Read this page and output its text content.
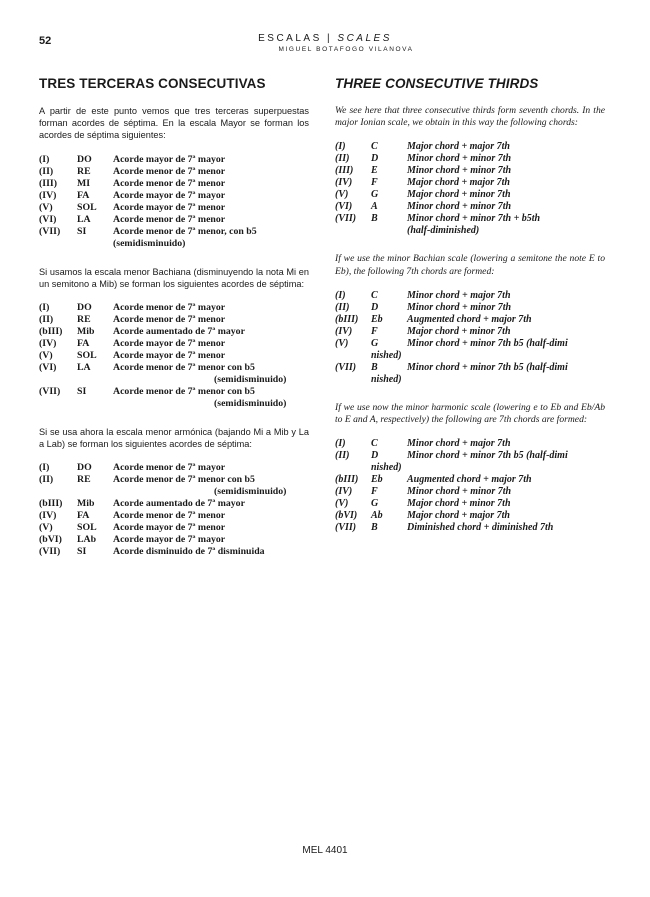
52	ESCALAS | SCALES
MIGUEL BOTAFOGO VILANOVA
TRES TERCERAS CONSECUTIVAS

A partir de este punto vemos que tres terceras superpuestas forman acordes de séptima. En la escala Mayor se forman los acordes de séptima siguientes:

(I)	DO	Acorde mayor de 7ª mayor
(II)	RE	Acorde menor de 7ª menor
(III)	MI	Acorde menor de 7ª menor
(IV)	FA	Acorde mayor de 7ª mayor
(V)	SOL	Acorde mayor de 7ª menor
(VI)	LA	Acorde menor de 7ª menor
(VII)	SI	Acorde menor de 7ª menor, con b5
(semidisminuido)

Si usamos la escala menor Bachiana (disminuyendo la nota Mi en un semitono a Mib) se forman los siguientes acordes de séptima:

(I)	DO	Acorde menor de 7ª mayor
(II)	RE	Acorde menor de 7ª menor
(bIII)	Mib	Acorde aumentado de 7ª mayor
(IV)	FA	Acorde mayor de 7ª menor
(V)	SOL	Acorde mayor de 7ª menor
(VI)	LA	Acorde menor de 7ª menor con b5
(semidisminuido)
(VII)	SI	Acorde menor de 7ª menor con b5
(semidisminuido)

Si se usa ahora la escala menor armónica (bajando Mi a Mib y La a Lab) se forman los siguientes acordes de séptima:

(I)	DO	Acorde menor de 7ª mayor
(II)	RE	Acorde menor de 7ª menor con b5
(semidisminuido)
(bIII)	Mib	Acorde aumentado de 7ª mayor
(IV)	FA	Acorde menor de 7ª menor
(V)	SOL	Acorde mayor de 7ª menor
(bVI)	LAb	Acorde mayor de 7ª mayor
(VII)	SI	Acorde disminuido de 7ª disminuida
THREE CONSECUTIVE THIRDS

We see here that three consecutive thirds form seventh chords. In the major Ionian scale, we obtain in this way the following chords:

(I)	C	Major chord + major 7th
(II)	D	Minor chord + minor 7th
(III)	E	Minor chord + minor 7th
(IV)	F	Major chord + major 7th
(V)	G	Major chord + minor 7th
(VI)	A	Minor chord + minor 7th
(VII)	B	Minor chord + minor 7th + b5th
(half-diminished)

If we use the minor Bachian scale (lowering a semitone the note E to Eb), the following 7th chords are formed:

(I)	C	Minor chord + major 7th
(II)	D	Minor chord + minor 7th
(bIII)	Eb	Augmented chord + major 7th
(IV)	F	Major chord + minor 7th
(V)	G	Minor chord + minor 7th b5 (half-dimi
nished)
(VII)	B	Minor chord + minor 7th b5 (half-dimi
nished)

If we use now the minor harmonic scale (lowering e to Eb and Eb/Ab to E and A, respectively) the following are 7th chords are formed:

(I)	C	Minor chord + major 7th
(II)	D	Minor chord + minor 7th b5 (half-dimi
nished)
(bIII)	Eb	Augmented chord + major 7th
(IV)	F	Minor chord + minor 7th
(V)	G	Major chord + minor 7th
(bVI)	Ab	Major chord + major 7th
(VII)	B	Diminished chord + diminished 7th
MEL 4401
